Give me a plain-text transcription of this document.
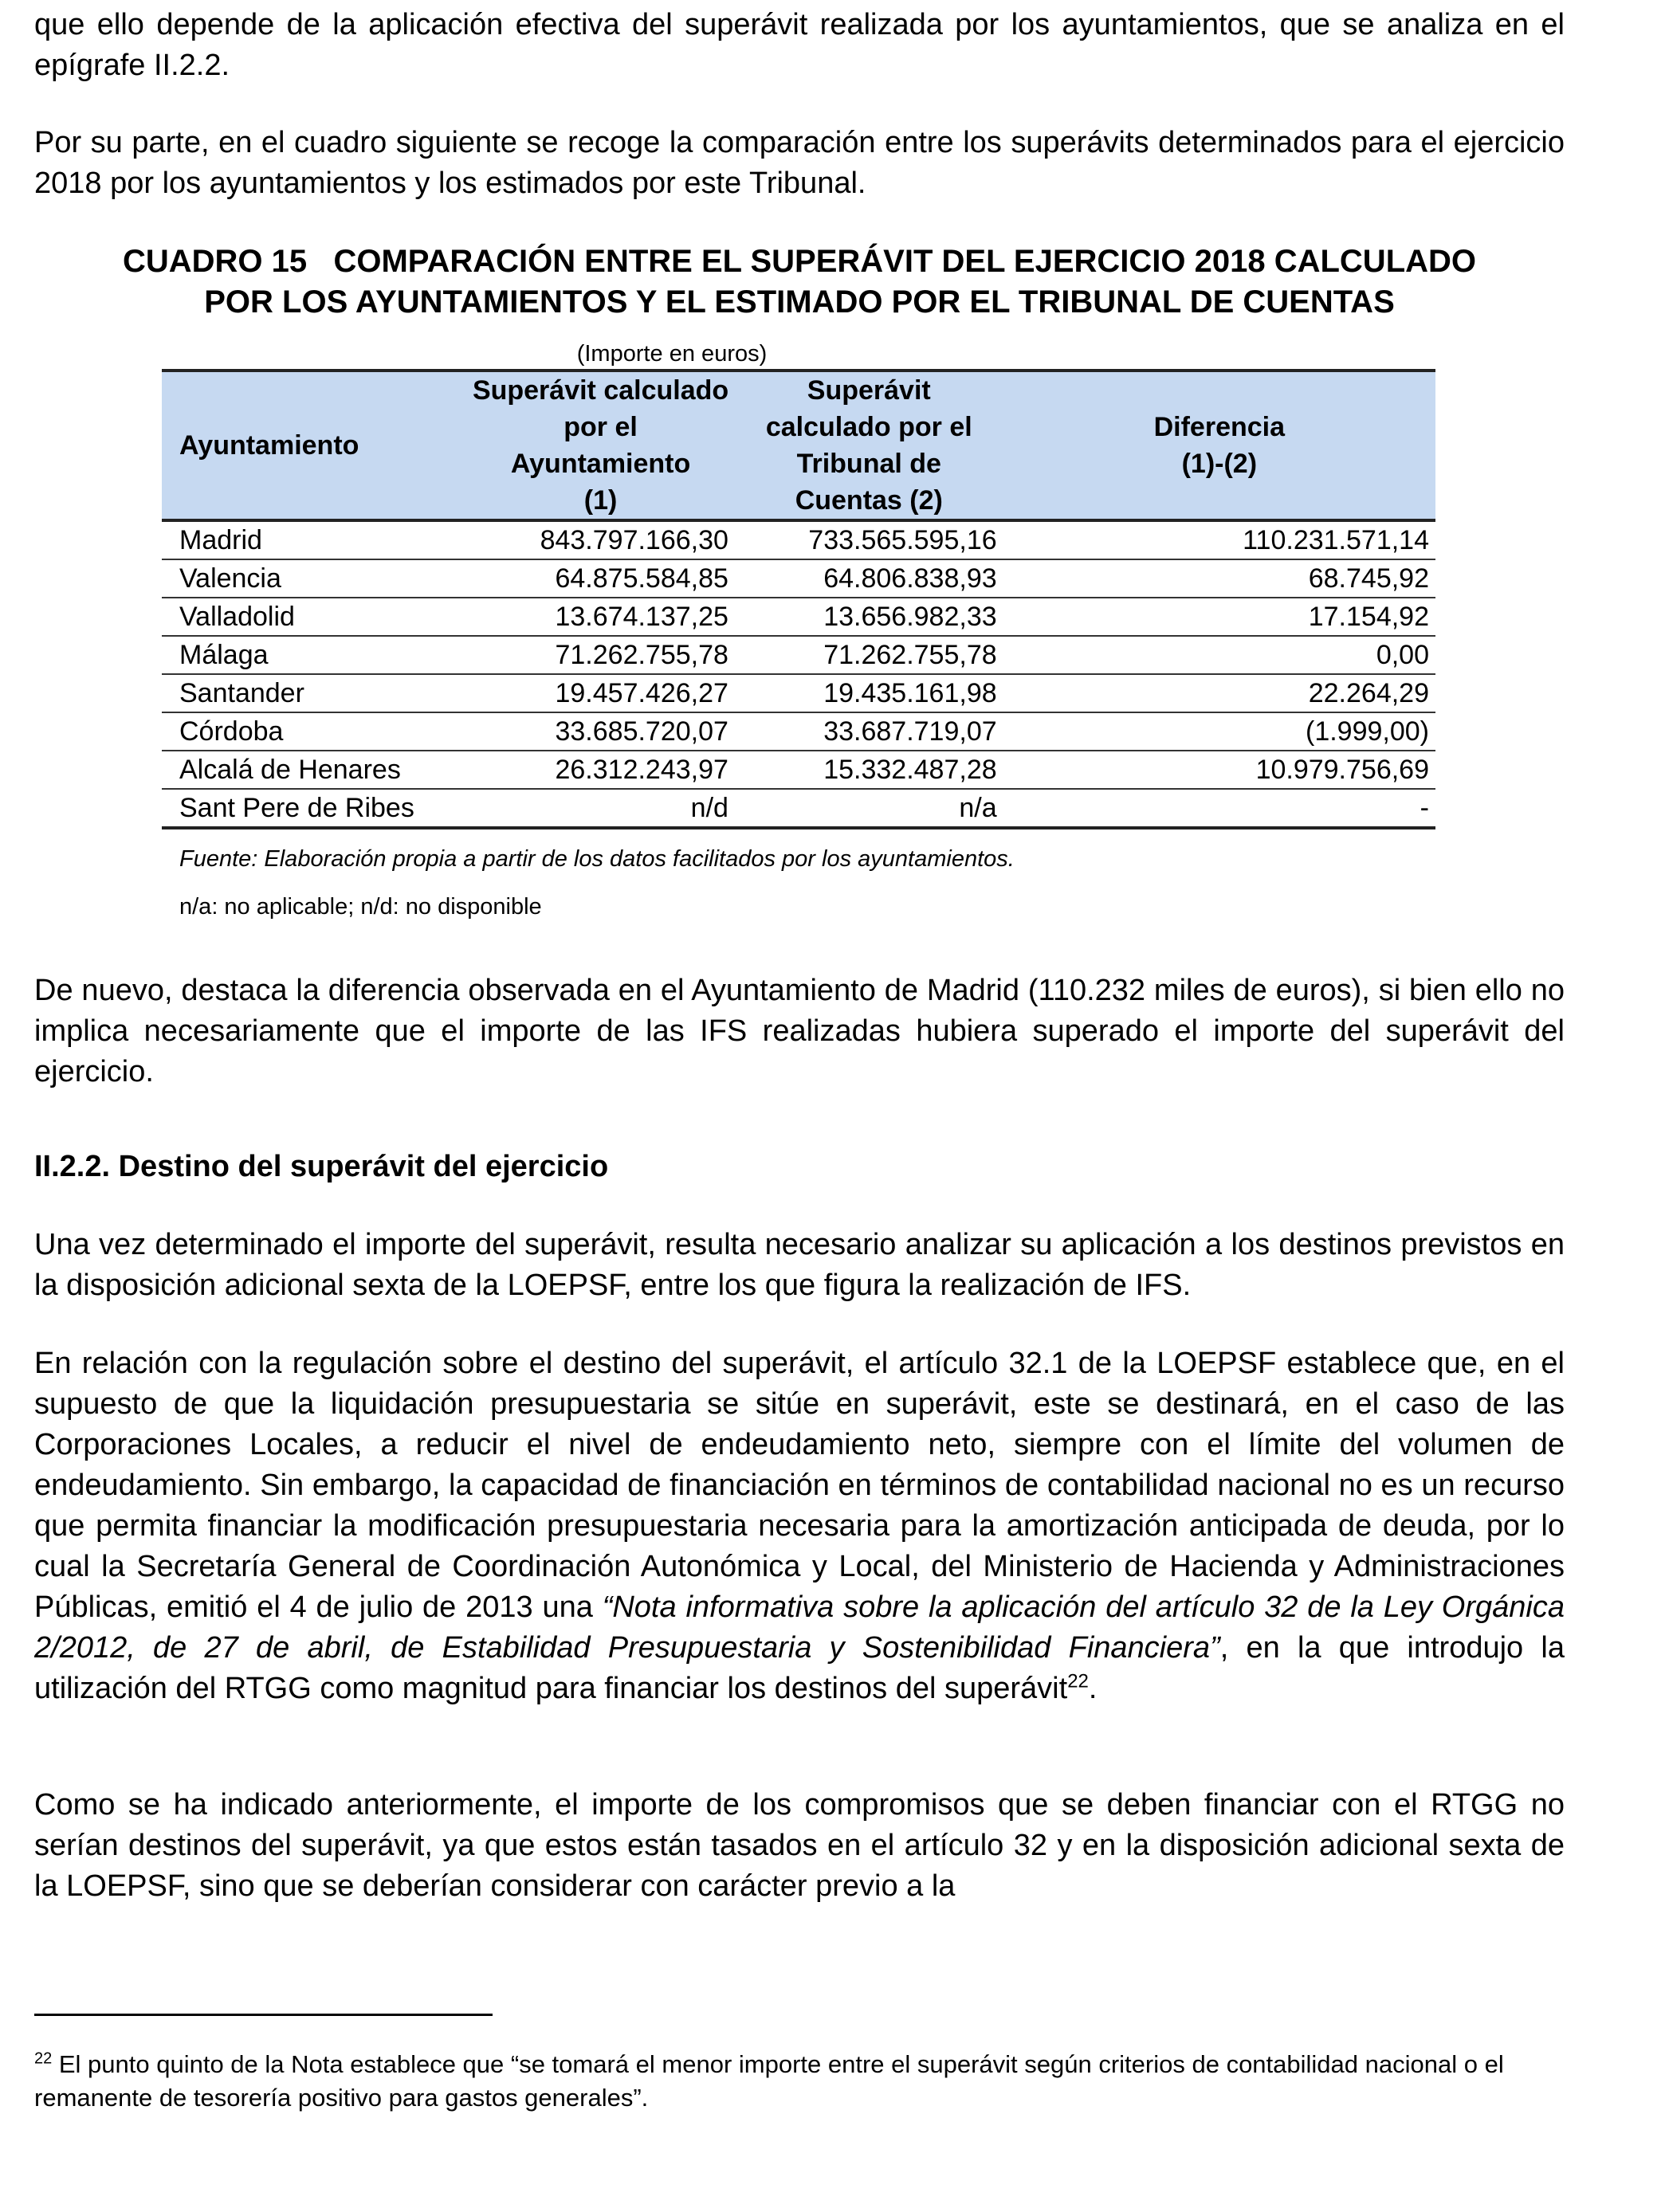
que ello depende de la aplicación efectiva del superávit realizada por los ayuntamientos, que se analiza en el epígrafe II.2.2.

Por su parte, en el cuadro siguiente se recoge la comparación entre los superávits determinados para el ejercicio 2018 por los ayuntamientos y los estimados por este Tribunal.

CUADRO 15   COMPARACIÓN ENTRE EL SUPERÁVIT DEL EJERCICIO 2018 CALCULADO
POR LOS AYUNTAMIENTOS Y EL ESTIMADO POR EL TRIBUNAL DE CUENTAS
(Importe en euros)
Ayuntamiento	
Superávit calculado
por el
Ayuntamiento
(1)

Superávit
calculado por el
Tribunal de
Cuentas (2)

Diferencia
(1)-(2)

Madrid	843.797.166,30	733.565.595,16	110.231.571,14
Valencia	64.875.584,85	64.806.838,93	68.745,92
Valladolid	13.674.137,25	13.656.982,33	17.154,92
Málaga	71.262.755,78	71.262.755,78	0,00
Santander	19.457.426,27	19.435.161,98	22.264,29
Córdoba	33.685.720,07	33.687.719,07	(1.999,00)
Alcalá de Henares	26.312.243,97	15.332.487,28	10.979.756,69
Sant Pere de Ribes	n/d	n/a	-
Fuente: Elaboración propia a partir de los datos facilitados por los ayuntamientos.
n/a: no aplicable; n/d: no disponible

De nuevo, destaca la diferencia observada en el Ayuntamiento de Madrid (110.232 miles de euros), si bien ello no implica necesariamente que el importe de las IFS realizadas hubiera superado el importe del superávit del ejercicio.

II.2.2. Destino del superávit del ejercicio

Una vez determinado el importe del superávit, resulta necesario analizar su aplicación a los destinos previstos en la disposición adicional sexta de la LOEPSF, entre los que figura la realización de IFS.

En relación con la regulación sobre el destino del superávit, el artículo 32.1 de la LOEPSF establece que, en el supuesto de que la liquidación presupuestaria se sitúe en superávit, este se destinará, en el caso de las Corporaciones Locales, a reducir el nivel de endeudamiento neto, siempre con el límite del volumen de endeudamiento. Sin embargo, la capacidad de financiación en términos de contabilidad nacional no es un recurso que permita financiar la modificación presupuestaria necesaria para la amortización anticipada de deuda, por lo cual la Secretaría General de Coordinación Autonómica y Local, del Ministerio de Hacienda y Administraciones Públicas, emitió el 4 de julio de 2013 una “Nota informativa sobre la aplicación del artículo 32 de la Ley Orgánica 2/2012, de 27 de abril, de Estabilidad Presupuestaria y Sostenibilidad Financiera”, en la que introdujo la utilización del RTGG como magnitud para financiar los destinos del superávit$^{22}$.

Como se ha indicado anteriormente, el importe de los compromisos que se deben financiar con el RTGG no serían destinos del superávit, ya que estos están tasados en el artículo 32 y en la disposición adicional sexta de la LOEPSF, sino que se deberían considerar con carácter previo a la

$^{22}$ El punto quinto de la Nota establece que “se tomará el menor importe entre el superávit según criterios de contabilidad nacional o el remanente de tesorería positivo para gastos generales”.
